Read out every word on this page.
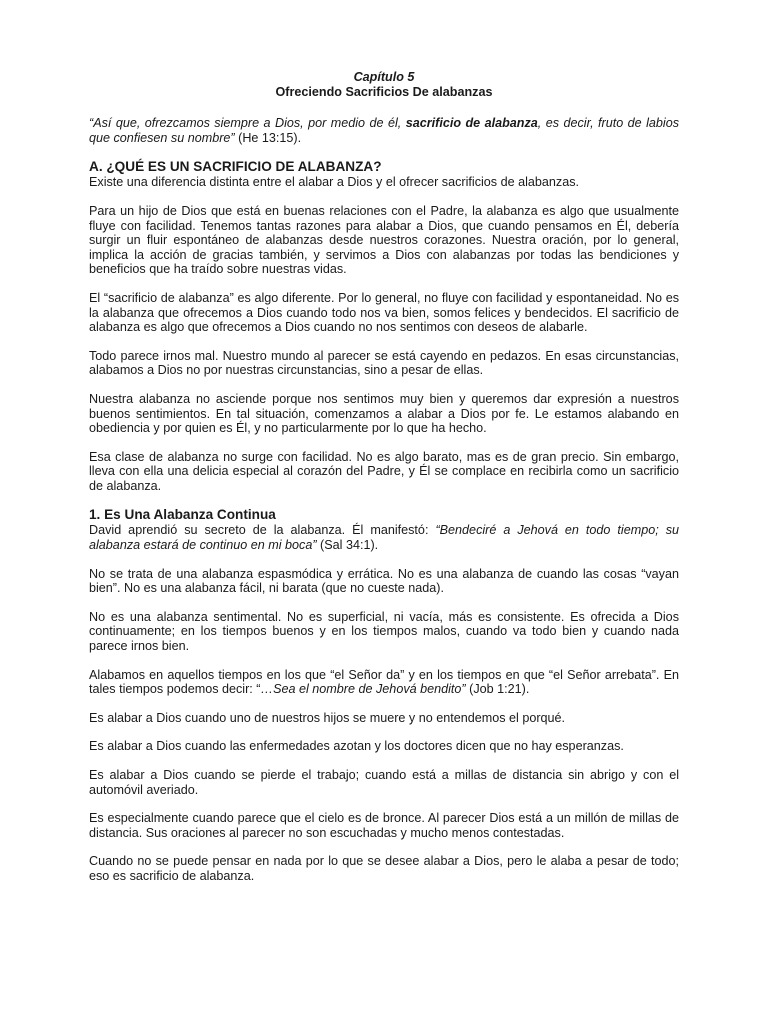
Capítulo 5
Ofreciendo Sacrificios De alabanzas

“Así que, ofrezcamos siempre a Dios, por medio de él, sacrificio de alabanza, es decir, fruto de labios que confiesen su nombre” (He 13:15).

A. ¿QUÉ ES UN SACRIFICIO DE ALABANZA?

Existe una diferencia distinta entre el alabar a Dios y el ofrecer sacrificios de alabanzas.

Para un hijo de Dios que está en buenas relaciones con el Padre, la alabanza es algo que usualmente fluye con facilidad. Tenemos tantas razones para alabar a Dios, que cuando pensamos en Él, debería surgir un fluir espontáneo de alabanzas desde nuestros corazones. Nuestra oración, por lo general, implica la acción de gracias también, y servimos a Dios con alabanzas por todas las bendiciones y beneficios que ha traído sobre nuestras vidas.

El “sacrificio de alabanza” es algo diferente. Por lo general, no fluye con facilidad y espontaneidad. No es la alabanza que ofrecemos a Dios cuando todo nos va bien, somos felices y bendecidos. El sacrificio de alabanza es algo que ofrecemos a Dios cuando no nos sentimos con deseos de alabarle.

Todo parece irnos mal. Nuestro mundo al parecer se está cayendo en pedazos. En esas circunstancias, alabamos a Dios no por nuestras circunstancias, sino a pesar de ellas.

Nuestra alabanza no asciende porque nos sentimos muy bien y queremos dar expresión a nuestros buenos sentimientos. En tal situación, comenzamos a alabar a Dios por fe. Le estamos alabando en obediencia y por quien es Él, y no particularmente por lo que ha hecho.

Esa clase de alabanza no surge con facilidad. No es algo barato, mas es de gran precio. Sin embargo, lleva con ella una delicia especial al corazón del Padre, y Él se complace en recibirla como un sacrificio de alabanza.

1. Es Una Alabanza Continua

David aprendió su secreto de la alabanza. Él manifestó: “Bendeciré a Jehová en todo tiempo; su alabanza estará de continuo en mi boca” (Sal 34:1).

No se trata de una alabanza espasmódica y errática. No es una alabanza de cuando las cosas “vayan bien”. No es una alabanza fácil, ni barata (que no cueste nada).

No es una alabanza sentimental. No es superficial, ni vacía, más es consistente. Es ofrecida a Dios continuamente; en los tiempos buenos y en los tiempos malos, cuando va todo bien y cuando nada parece irnos bien.

Alabamos en aquellos tiempos en los que “el Señor da” y en los tiempos en que “el Señor arrebata”. En tales tiempos podemos decir: “…Sea el nombre de Jehová bendito” (Job 1:21).

Es alabar a Dios cuando uno de nuestros hijos se muere y no entendemos el porqué.

Es alabar a Dios cuando las enfermedades azotan y los doctores dicen que no hay esperanzas.

Es alabar a Dios cuando se pierde el trabajo; cuando está a millas de distancia sin abrigo y con el automóvil averiado.

Es especialmente cuando parece que el cielo es de bronce. Al parecer Dios está a un millón de millas de distancia. Sus oraciones al parecer no son escuchadas y mucho menos contestadas.

Cuando no se puede pensar en nada por lo que se desee alabar a Dios, pero le alaba a pesar de todo; eso es sacrificio de alabanza.
